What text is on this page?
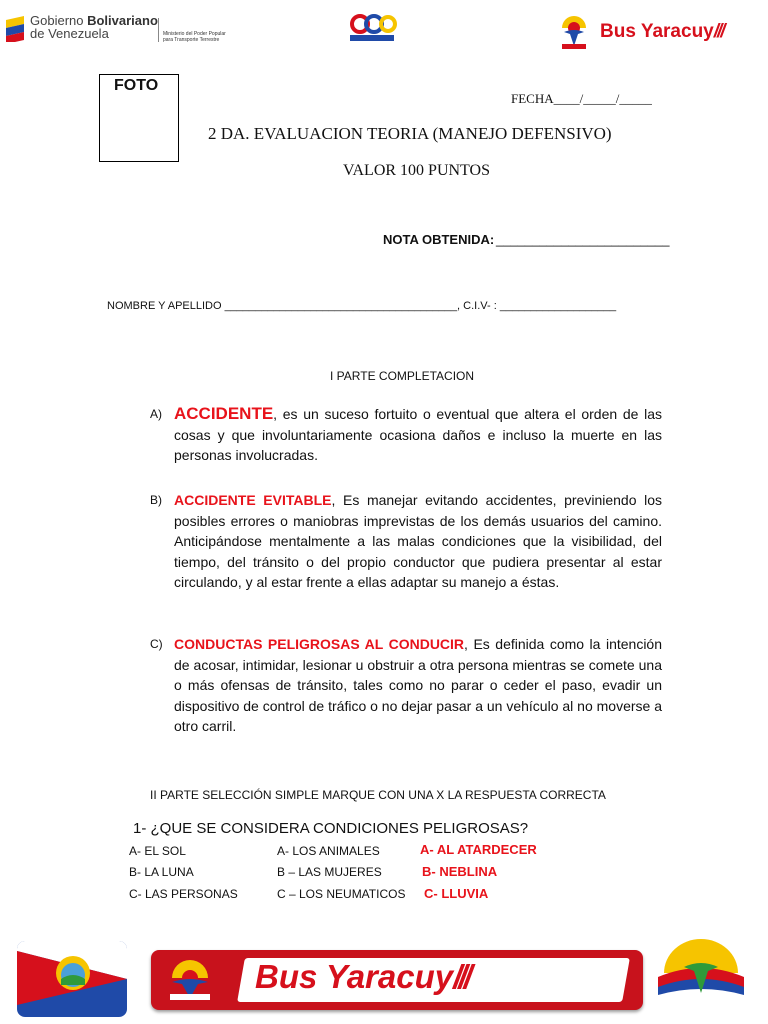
Gobierno Bolivariano
de Venezuela	Ministerio del Poder Popular
para Transporte Terrestre	Bus Yaracuy///
FOTO
FECHA____/_____/_____
2 DA. EVALUACION TEORIA (MANEJO DEFENSIVO)
VALOR 100 PUNTOS
NOTA OBTENIDA: ________________________
NOMBRE Y APELLIDO ______________________________________, C.I.V- : ___________________
I PARTE COMPLETACION
A) ACCIDENTE, es un suceso fortuito o eventual que altera el orden de las cosas y que involuntariamente ocasiona daños e incluso la muerte en las personas involucradas.
B) ACCIDENTE EVITABLE, Es manejar evitando accidentes, previniendo los posibles errores o maniobras imprevistas de los demás usuarios del camino. Anticipándose mentalmente a las malas condiciones que la visibilidad, del tiempo, del tránsito o del propio conductor que pudiera presentar al estar circulando, y al estar frente a ellas adaptar su manejo a éstas.
C) CONDUCTAS PELIGROSAS AL CONDUCIR, Es definida como la intención de acosar, intimidar, lesionar u obstruir a otra persona mientras se comete una o más ofensas de tránsito, tales como no parar o ceder el paso, evadir un dispositivo de control de tráfico o no dejar pasar a un vehículo al no moverse a otro carril.
II PARTE SELECCIÓN SIMPLE MARQUE CON UNA X LA RESPUESTA CORRECTA
1- ¿QUE SE CONSIDERA CONDICIONES PELIGROSAS?
A- EL SOL
B- LA LUNA
C- LAS PERSONAS
A- LOS ANIMALES
B – LAS MUJERES
C – LOS NEUMATICOS
A- AL ATARDECER
B- NEBLINA
C- LLUVIA
Bus Yaracuy///
